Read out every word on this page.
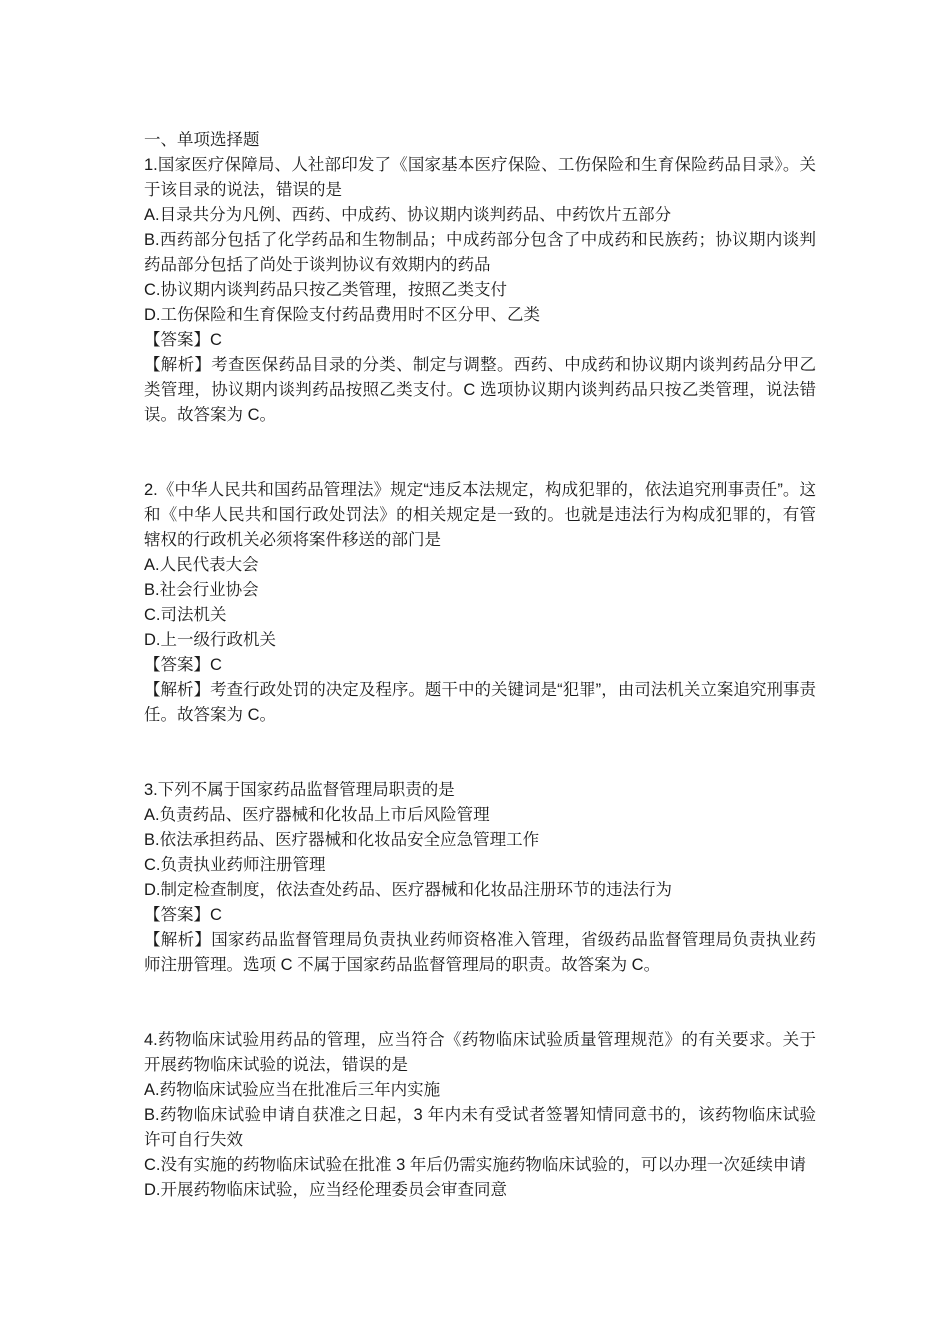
一、单项选择题

1.国家医疗保障局、人社部印发了《国家基本医疗保险、工伤保险和生育保险药品目录》。关于该目录的说法，错误的是

A.目录共分为凡例、西药、中成药、协议期内谈判药品、中药饮片五部分

B.西药部分包括了化学药品和生物制品；中成药部分包含了中成药和民族药；协议期内谈判药品部分包括了尚处于谈判协议有效期内的药品

C.协议期内谈判药品只按乙类管理，按照乙类支付

D.工伤保险和生育保险支付药品费用时不区分甲、乙类

【答案】C

【解析】考查医保药品目录的分类、制定与调整。西药、中成药和协议期内谈判药品分甲乙类管理，协议期内谈判药品按照乙类支付。C 选项协议期内谈判药品只按乙类管理，说法错误。故答案为 C。

2.《中华人民共和国药品管理法》规定“违反本法规定，构成犯罪的，依法追究刑事责任”。这和《中华人民共和国行政处罚法》的相关规定是一致的。也就是违法行为构成犯罪的，有管辖权的行政机关必须将案件移送的部门是

A.人民代表大会

B.社会行业协会

C.司法机关

D.上一级行政机关

【答案】C

【解析】考查行政处罚的决定及程序。题干中的关键词是“犯罪”，由司法机关立案追究刑事责任。故答案为 C。

3.下列不属于国家药品监督管理局职责的是

A.负责药品、医疗器械和化妆品上市后风险管理

B.依法承担药品、医疗器械和化妆品安全应急管理工作

C.负责执业药师注册管理

D.制定检查制度，依法查处药品、医疗器械和化妆品注册环节的违法行为

【答案】C

【解析】国家药品监督管理局负责执业药师资格准入管理，省级药品监督管理局负责执业药师注册管理。选项 C 不属于国家药品监督管理局的职责。故答案为 C。

4.药物临床试验用药品的管理，应当符合《药物临床试验质量管理规范》的有关要求。关于开展药物临床试验的说法，错误的是

A.药物临床试验应当在批准后三年内实施

B.药物临床试验申请自获准之日起，3 年内未有受试者签署知情同意书的，该药物临床试验许可自行失效

C.没有实施的药物临床试验在批准 3 年后仍需实施药物临床试验的，可以办理一次延续申请

D.开展药物临床试验，应当经伦理委员会审查同意
